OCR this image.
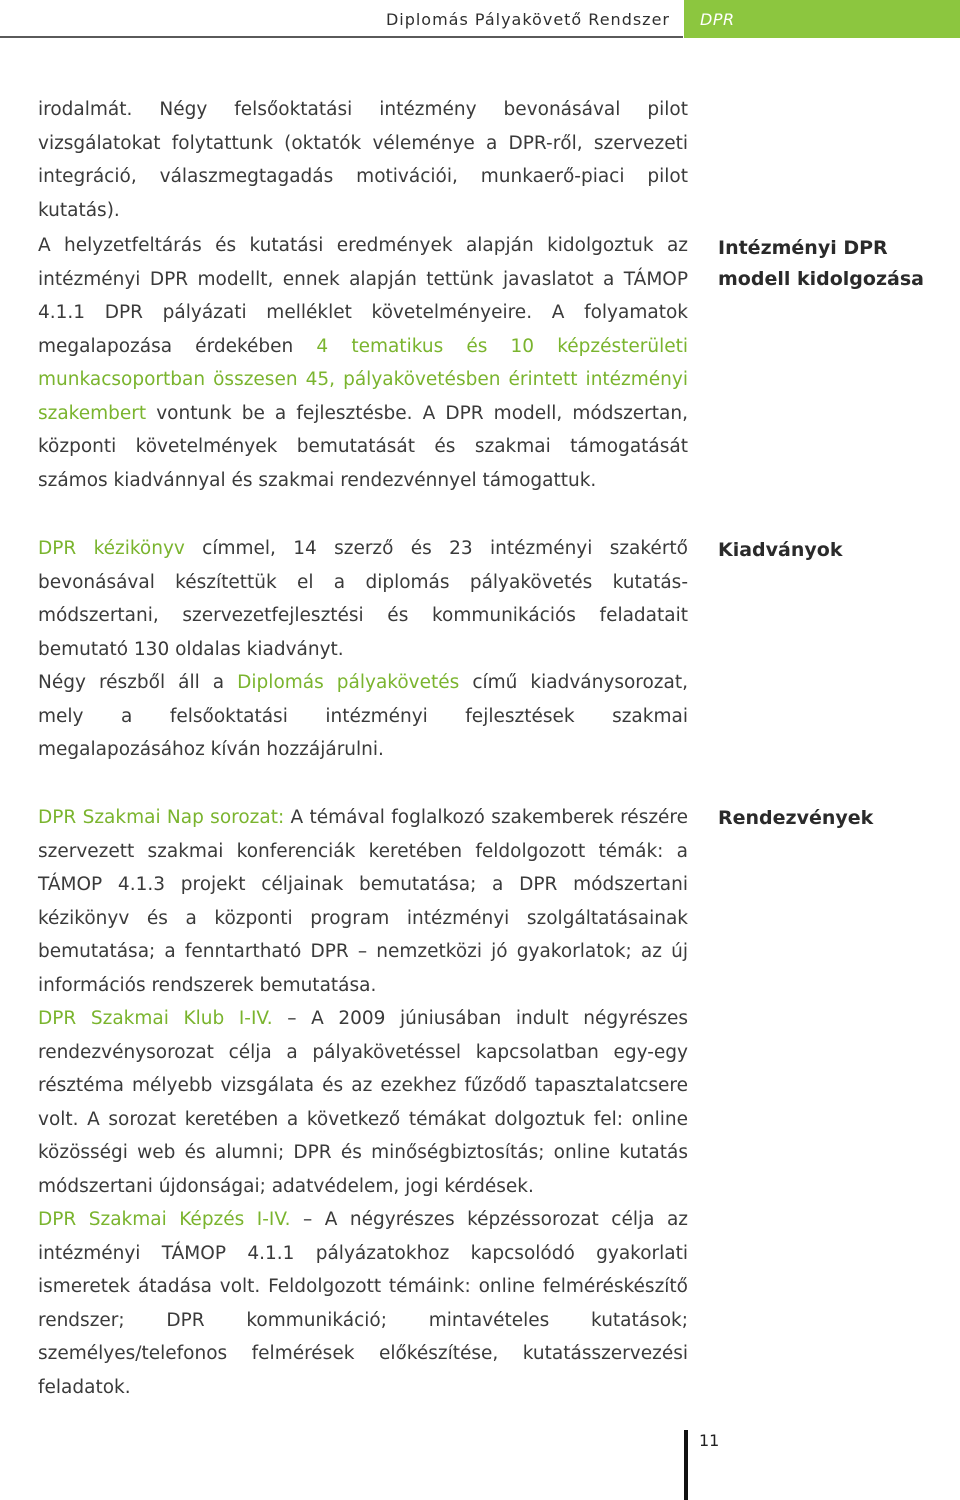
Diplomás Pályakövető Rendszer DPR

irodalmát. Négy felsőoktatási intézmény bevonásával pilot vizsgálatokat folytattunk (oktatók véleménye a DPR-ről, szervezeti integráció, válaszmegtagadás motivációi, munkaerő-piaci pilot kutatás).

A helyzetfeltárás és kutatási eredmények alapján kidolgoztuk az intézményi DPR modellt, ennek alapján tettünk javaslatot a TÁMOP 4.1.1 DPR pályázati melléklet követelményeire. A folyamatok megalapozása érdekében 4 tematikus és 10 képzésterületi munkacsoportban összesen 45, pályakövetésben érintett intézményi szakembert vontunk be a fejlesztésbe. A DPR modell, módszertan, központi követelmények bemutatását és szakmai támogatását számos kiadvánnyal és szakmai rendezvénnyel támogattuk.

DPR kézikönyv címmel, 14 szerző és 23 intézményi szakértő bevonásával készítettük el a diplomás pályakövetés kutatás-módszertani, szervezetfejlesztési és kommunikációs feladatait bemutató 130 oldalas kiadványt.
Négy részből áll a Diplomás pályakövetés című kiadványsorozat, mely a felsőoktatási intézményi fejlesztések szakmai megalapozásához kíván hozzájárulni.

DPR Szakmai Nap sorozat: A témával foglalkozó szakemberek részére szervezett szakmai konferenciák keretében feldolgozott témák: a TÁMOP 4.1.3 projekt céljainak bemutatása; a DPR módszertani kézikönyv és a központi program intézményi szolgáltatásainak bemutatása; a fenntartható DPR – nemzetközi jó gyakorlatok; az új információs rendszerek bemutatása.
DPR Szakmai Klub I-IV. – A 2009 júniusában indult négyrészes rendezvénysorozat célja a pályakövetéssel kapcsolatban egy-egy résztéma mélyebb vizsgálata és az ezekhez fűződő tapasztalatcsere volt. A sorozat keretében a következő témákat dolgoztuk fel: online közösségi web és alumni; DPR és minőségbiztosítás; online kutatás módszertani újdonságai; adatvédelem, jogi kérdések.
DPR Szakmai Képzés I-IV. – A négyrészes képzéssorozat célja az intézményi TÁMOP 4.1.1 pályázatokhoz kapcsolódó gyakorlati ismeretek átadása volt. Feldolgozott témáink: online felméréskészítő rendszer; DPR kommunikáció; mintavételes kutatások; személyes/telefonos felmérések előkészítése, kutatásszervezési feladatok.

Intézményi DPR modell kidolgozása
Kiadványok
Rendezvények
11
